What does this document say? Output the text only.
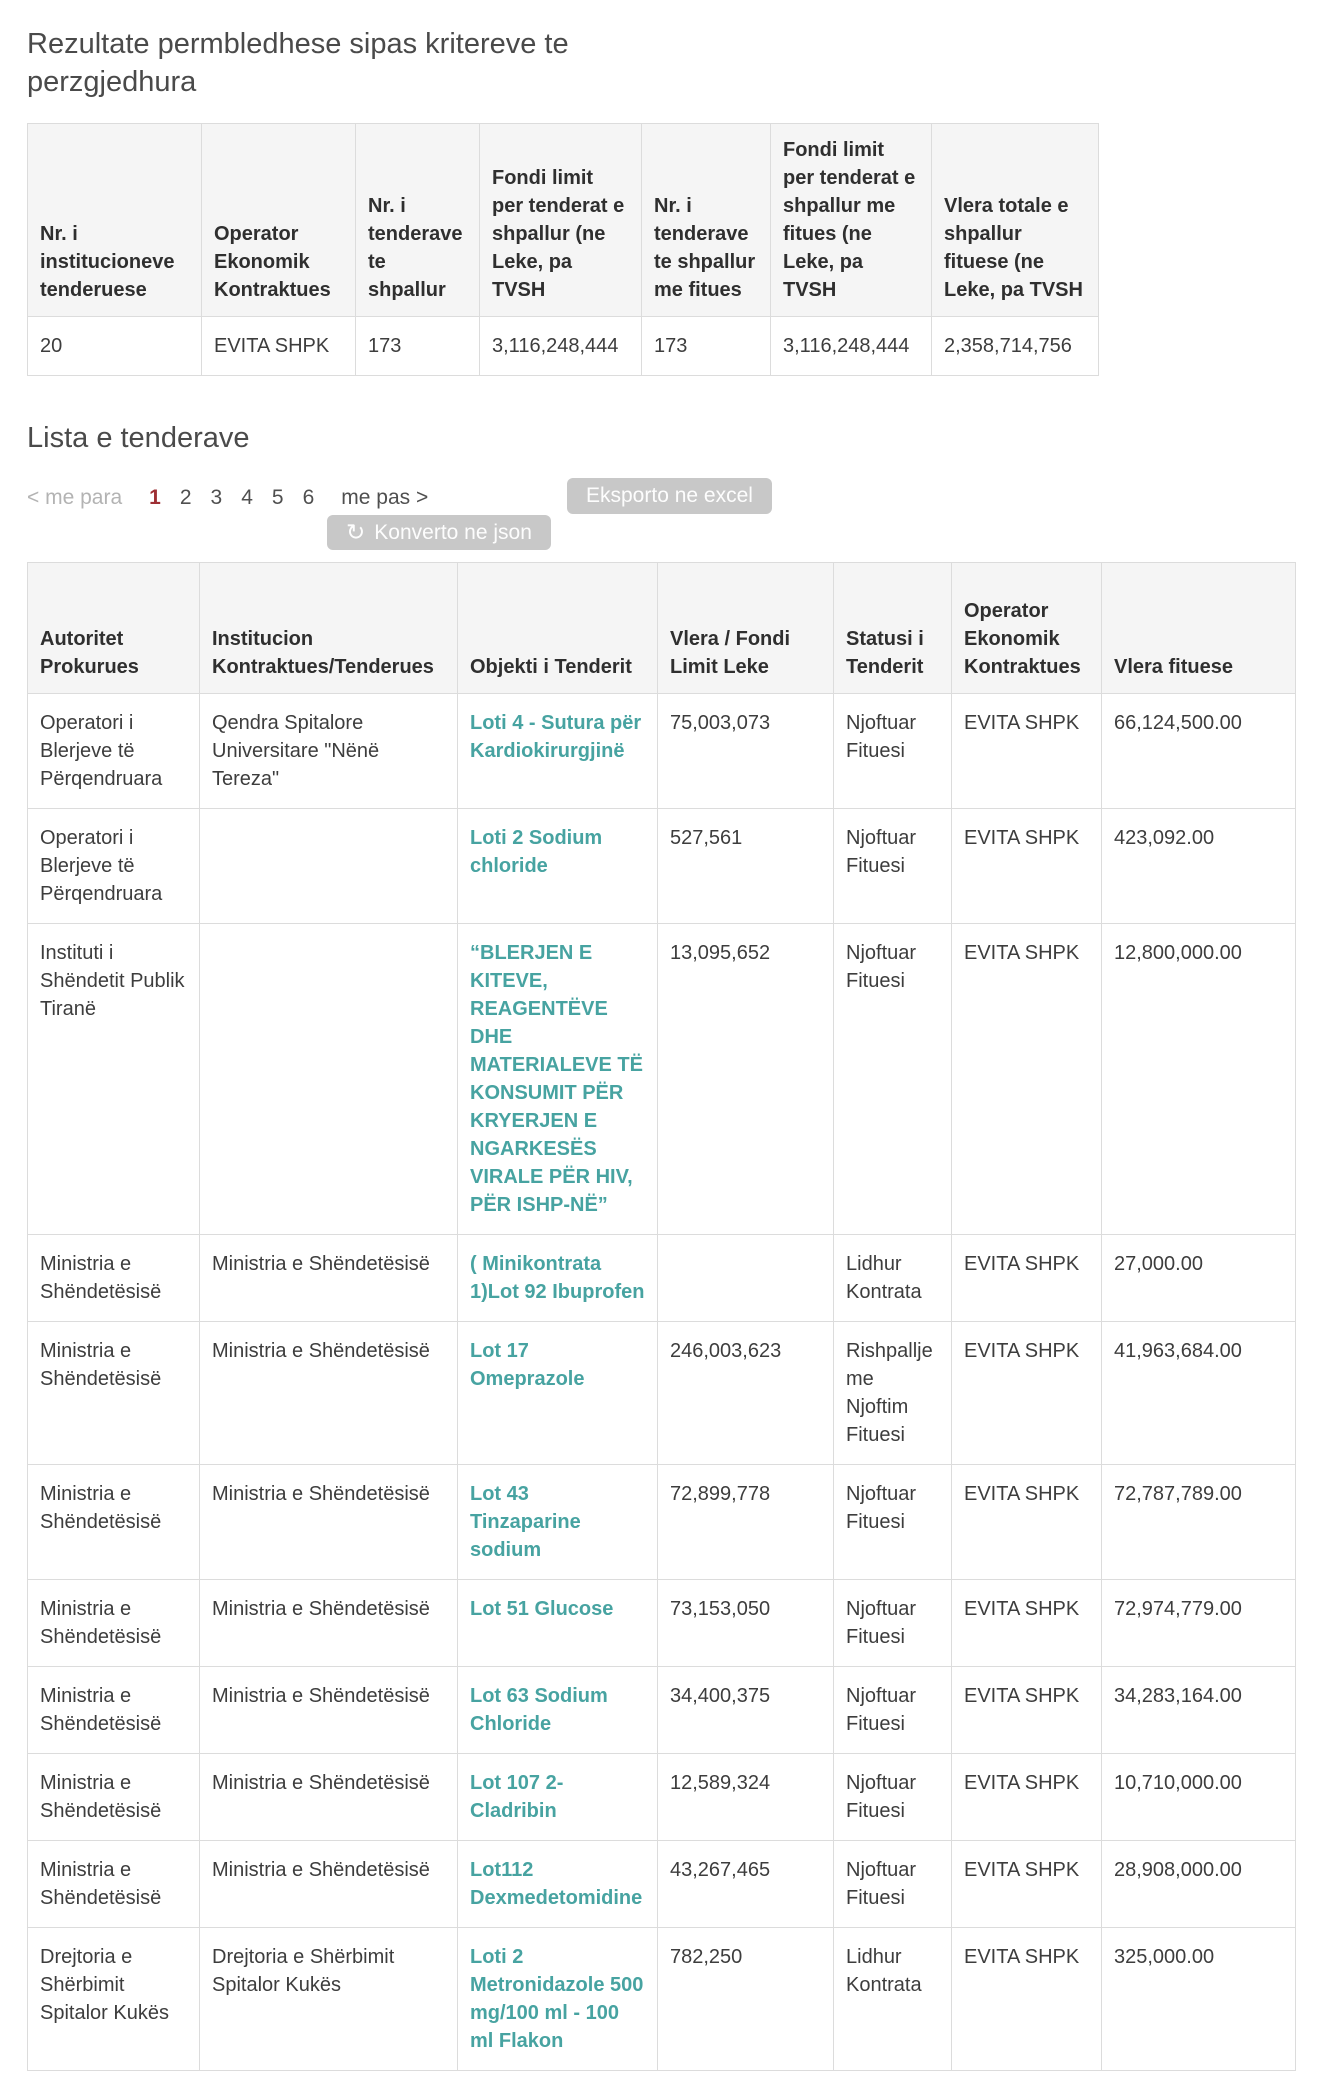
Rezultate permbledhese sipas kritereve te perzgjedhura
Nr. i institucioneve tenderuese	Operator Ekonomik Kontraktues	Nr. i tenderave te shpallur	Fondi limit per tenderat e shpallur (ne Leke, pa TVSH	Nr. i tenderave te shpallur me fitues	Fondi limit per tenderat e shpallur me fitues (ne Leke, pa TVSH	Vlera totale e shpallur fituese (ne Leke, pa TVSH
20	EVITA SHPK	173	3,116,248,444	173	3,116,248,444	2,358,714,756
Lista e tenderave
< me para 1 2 3 4 5 6 me pas >	Eksporto ne excel
↻ Konverto ne json
Autoritet Prokurues	Institucion Kontraktues/Tenderues	Objekti i Tenderit	Vlera / Fondi Limit Leke	Statusi i Tenderit	Operator Ekonomik Kontraktues	Vlera fituese
Operatori i Blerjeve të Përqendruara	Qendra Spitalore Universitare "Nënë Tereza"	Loti 4 - Sutura për Kardiokirurgjinë	75,003,073	Njoftuar Fituesi	EVITA SHPK	66,124,500.00
Operatori i Blerjeve të Përqendruara		Loti 2 Sodium chloride	527,561	Njoftuar Fituesi	EVITA SHPK	423,092.00
Instituti i Shëndetit Publik Tiranë		“BLERJEN E KITEVE, REAGENTËVE DHE MATERIALEVE TË KONSUMIT PËR KRYERJEN E NGARKESËS VIRALE PËR HIV, PËR ISHP-NË”	13,095,652	Njoftuar Fituesi	EVITA SHPK	12,800,000.00
Ministria e Shëndetësisë	Ministria e Shëndetësisë	( Minikontrata 1)Lot 92 Ibuprofen		Lidhur Kontrata	EVITA SHPK	27,000.00
Ministria e Shëndetësisë	Ministria e Shëndetësisë	Lot 17 Omeprazole	246,003,623	Rishpallje me Njoftim Fituesi	EVITA SHPK	41,963,684.00
Ministria e Shëndetësisë	Ministria e Shëndetësisë	Lot 43 Tinzaparine sodium	72,899,778	Njoftuar Fituesi	EVITA SHPK	72,787,789.00
Ministria e Shëndetësisë	Ministria e Shëndetësisë	Lot 51 Glucose	73,153,050	Njoftuar Fituesi	EVITA SHPK	72,974,779.00
Ministria e Shëndetësisë	Ministria e Shëndetësisë	Lot 63 Sodium Chloride	34,400,375	Njoftuar Fituesi	EVITA SHPK	34,283,164.00
Ministria e Shëndetësisë	Ministria e Shëndetësisë	Lot 107 2- Cladribin	12,589,324	Njoftuar Fituesi	EVITA SHPK	10,710,000.00
Ministria e Shëndetësisë	Ministria e Shëndetësisë	Lot112 Dexmedetomidine	43,267,465	Njoftuar Fituesi	EVITA SHPK	28,908,000.00
Drejtoria e Shërbimit Spitalor Kukës	Drejtoria e Shërbimit Spitalor Kukës	Loti 2 Metronidazole 500 mg/100 ml - 100 ml Flakon	782,250	Lidhur Kontrata	EVITA SHPK	325,000.00
